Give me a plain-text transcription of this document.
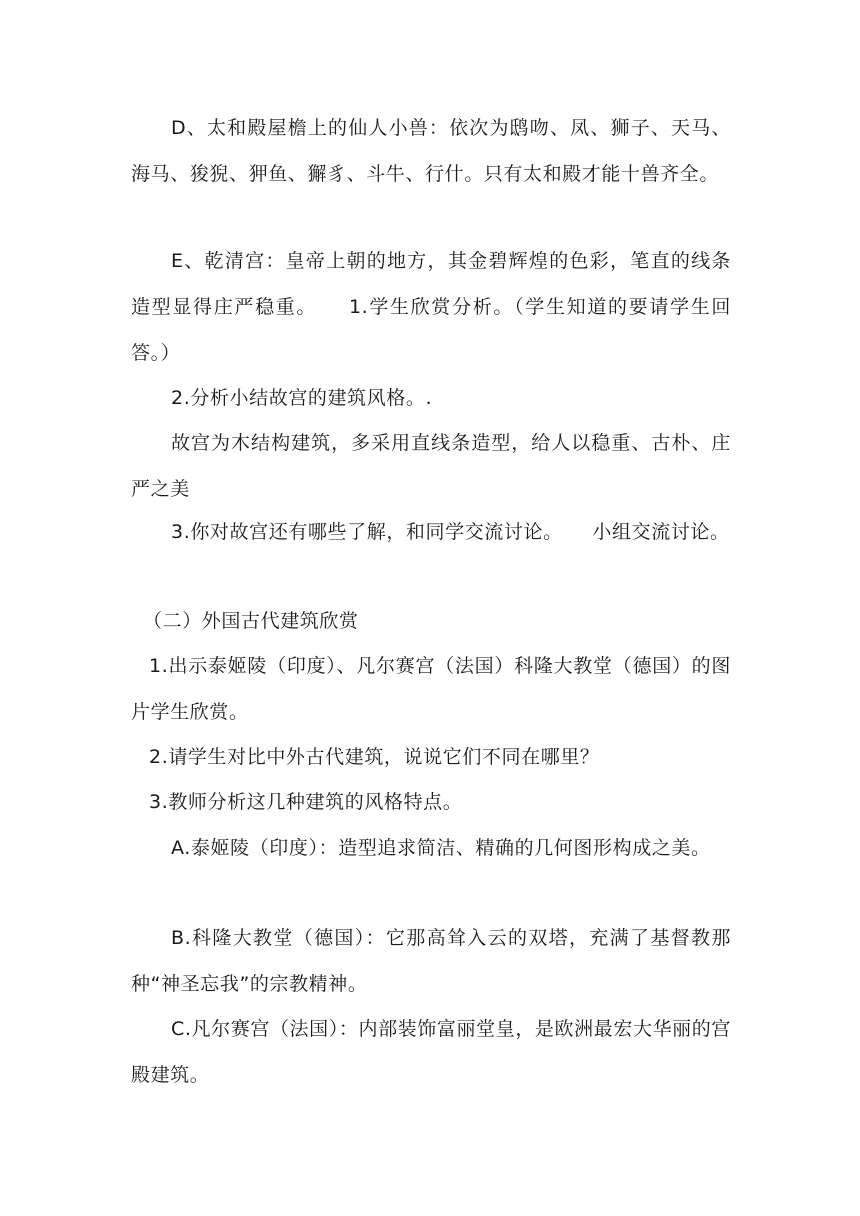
D、太和殿屋檐上的仙人小兽：依次为鸱吻、凤、狮子、天马、海马、狻猊、狎鱼、獬豸、斗牛、行什。只有太和殿才能十兽齐全。

E、乾清宫：皇帝上朝的地方，其金碧辉煌的色彩，笔直的线条造型显得庄严稳重。　　1.学生欣赏分析。（学生知道的要请学生回答。）

2.分析小结故宫的建筑风格。.

故宫为木结构建筑，多采用直线条造型，给人以稳重、古朴、庄严之美

3.你对故宫还有哪些了解，和同学交流讨论。　　小组交流讨论。

（二）外国古代建筑欣赏

1.出示泰姬陵（印度）、凡尔赛宫（法国）科隆大教堂（德国）的图片学生欣赏。

2.请学生对比中外古代建筑，说说它们不同在哪里？

3.教师分析这几种建筑的风格特点。

A.泰姬陵（印度）：造型追求简洁、精确的几何图形构成之美。

B.科隆大教堂（德国）：它那高耸入云的双塔，充满了基督教那种“神圣忘我”的宗教精神。

C.凡尔赛宫（法国）：内部装饰富丽堂皇，是欧洲最宏大华丽的宫殿建筑。
